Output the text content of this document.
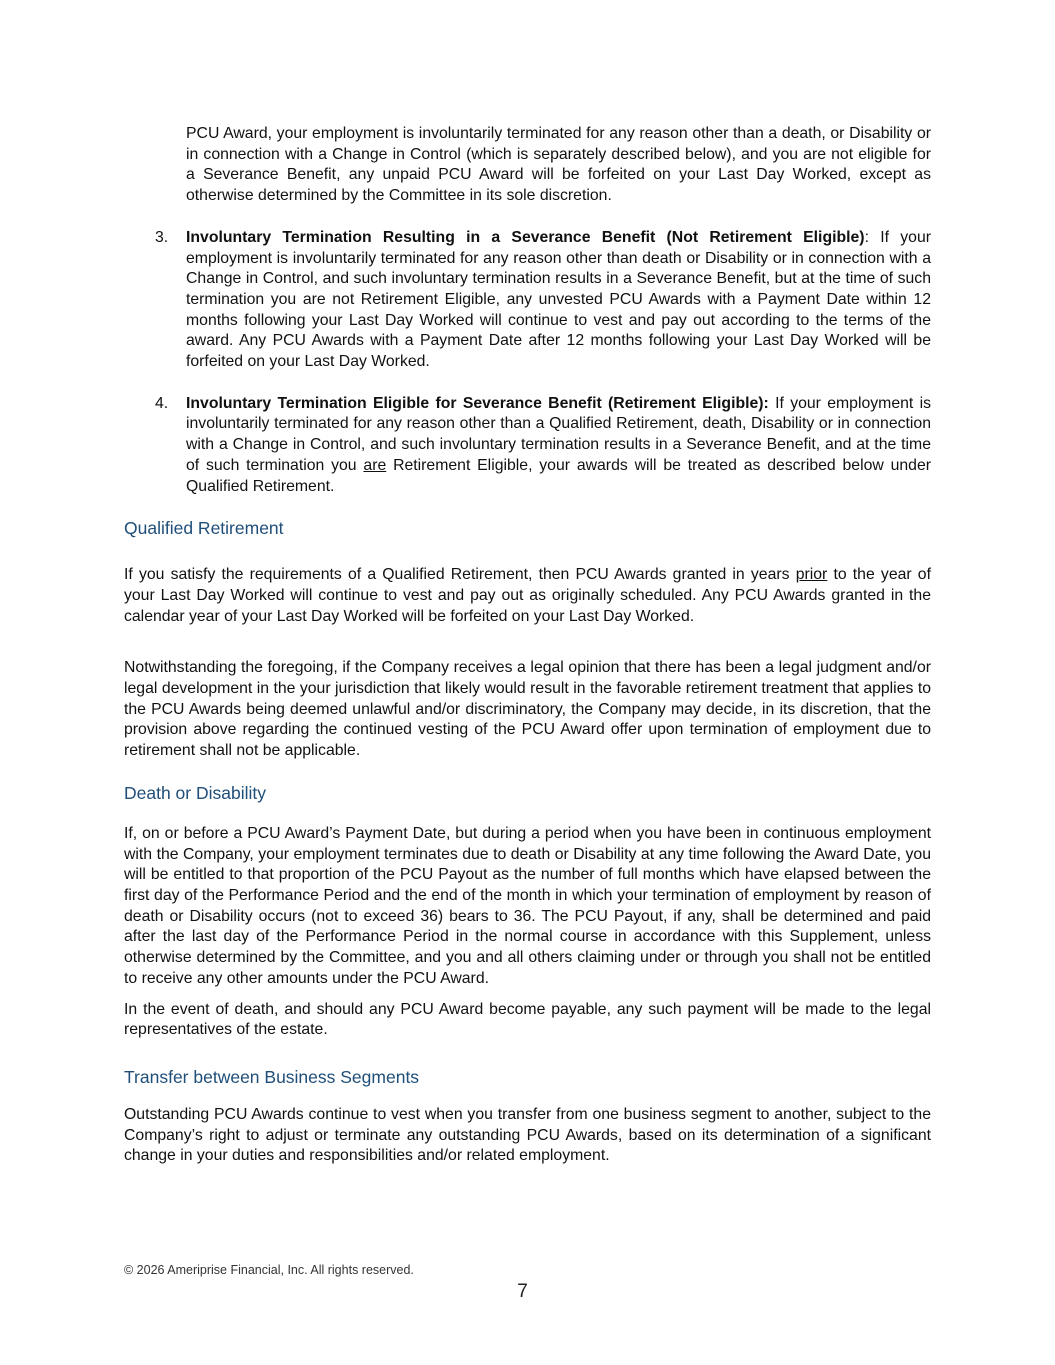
PCU Award, your employment is involuntarily terminated for any reason other than a death, or Disability or in connection with a Change in Control (which is separately described below), and you are not eligible for a Severance Benefit, any unpaid PCU Award will be forfeited on your Last Day Worked, except as otherwise determined by the Committee in its sole discretion.

3. Involuntary Termination Resulting in a Severance Benefit (Not Retirement Eligible): If your employment is involuntarily terminated for any reason other than death or Disability or in connection with a Change in Control, and such involuntary termination results in a Severance Benefit, but at the time of such termination you are not Retirement Eligible, any unvested PCU Awards with a Payment Date within 12 months following your Last Day Worked will continue to vest and pay out according to the terms of the award. Any PCU Awards with a Payment Date after 12 months following your Last Day Worked will be forfeited on your Last Day Worked.
4. Involuntary Termination Eligible for Severance Benefit (Retirement Eligible): If your employment is involuntarily terminated for any reason other than a Qualified Retirement, death, Disability or in connection with a Change in Control, and such involuntary termination results in a Severance Benefit, and at the time of such termination you are Retirement Eligible, your awards will be treated as described below under Qualified Retirement.
Qualified Retirement

If you satisfy the requirements of a Qualified Retirement, then PCU Awards granted in years prior to the year of your Last Day Worked will continue to vest and pay out as originally scheduled. Any PCU Awards granted in the calendar year of your Last Day Worked will be forfeited on your Last Day Worked.

Notwithstanding the foregoing, if the Company receives a legal opinion that there has been a legal judgment and/or legal development in the your jurisdiction that likely would result in the favorable retirement treatment that applies to the PCU Awards being deemed unlawful and/or discriminatory, the Company may decide, in its discretion, that the provision above regarding the continued vesting of the PCU Award offer upon termination of employment due to retirement shall not be applicable.

Death or Disability

If, on or before a PCU Award’s Payment Date, but during a period when you have been in continuous employment with the Company, your employment terminates due to death or Disability at any time following the Award Date, you will be entitled to that proportion of the PCU Payout as the number of full months which have elapsed between the first day of the Performance Period and the end of the month in which your termination of employment by reason of death or Disability occurs (not to exceed 36) bears to 36. The PCU Payout, if any, shall be determined and paid after the last day of the Performance Period in the normal course in accordance with this Supplement, unless otherwise determined by the Committee, and you and all others claiming under or through you shall not be entitled to receive any other amounts under the PCU Award.

In the event of death, and should any PCU Award become payable, any such payment will be made to the legal representatives of the estate.

Transfer between Business Segments

Outstanding PCU Awards continue to vest when you transfer from one business segment to another, subject to the Company’s right to adjust or terminate any outstanding PCU Awards, based on its determination of a significant change in your duties and responsibilities and/or related employment.

© 2026 Ameriprise Financial, Inc. All rights reserved.
7
